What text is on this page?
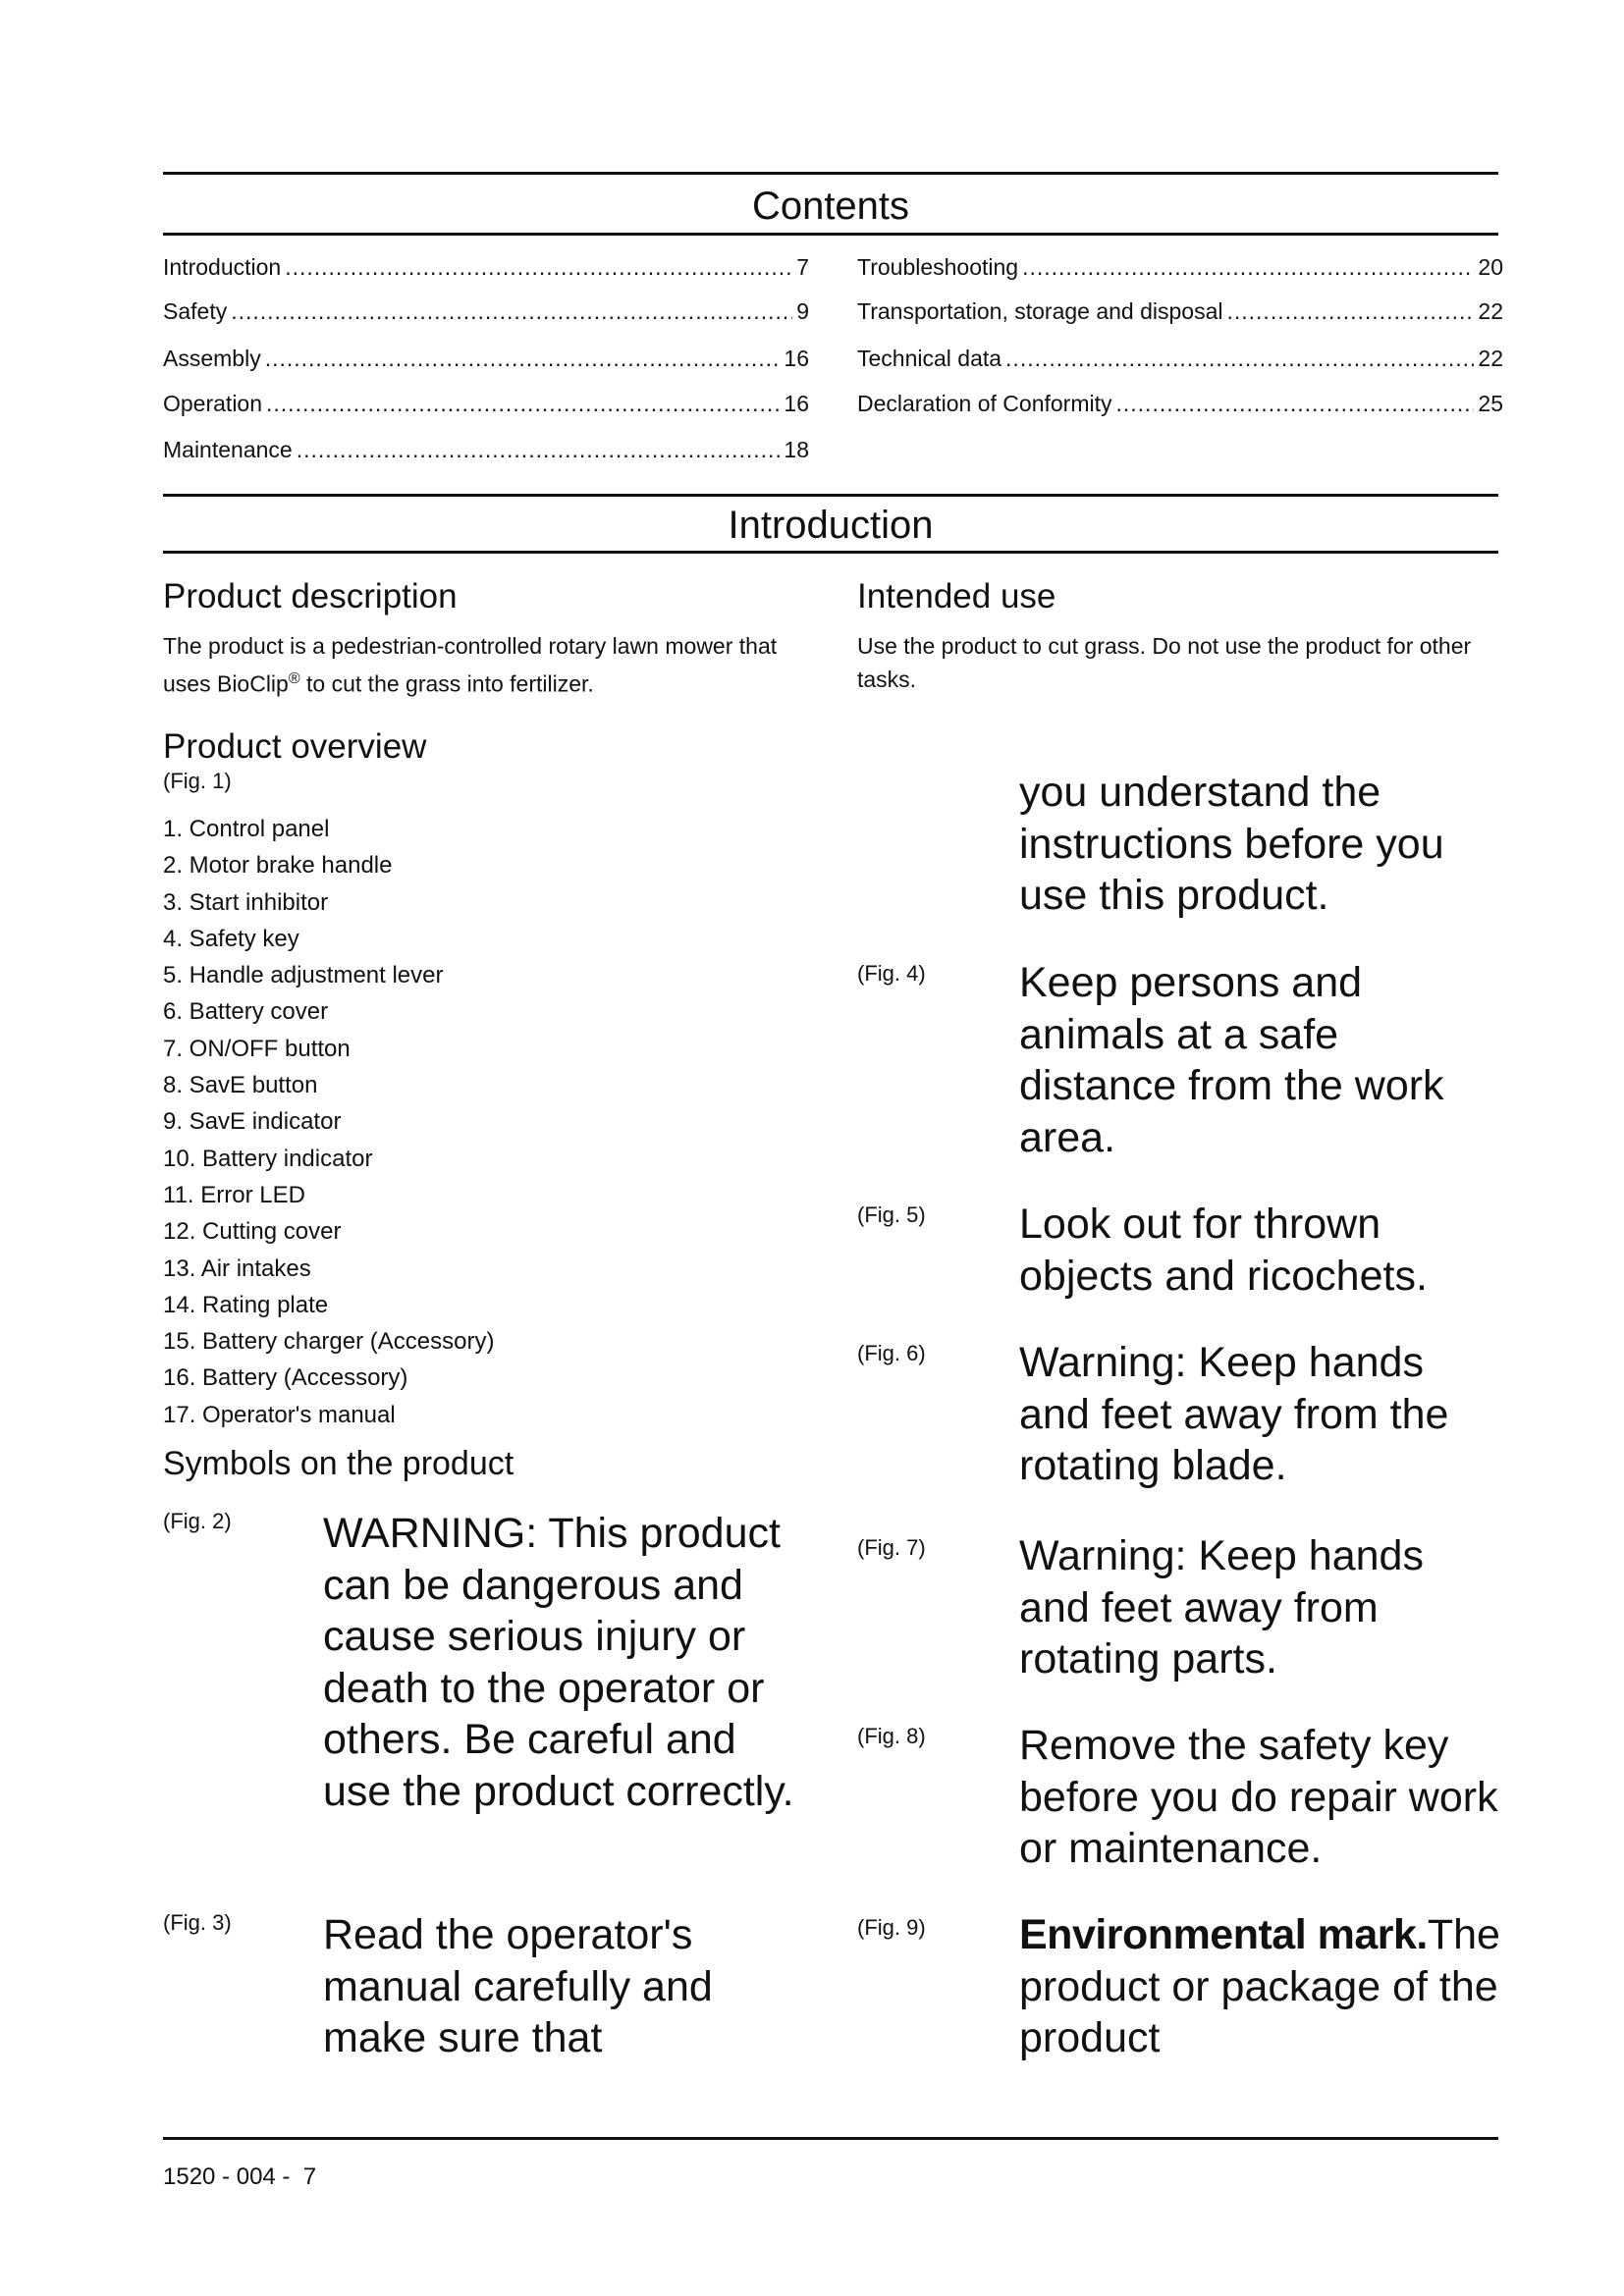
Contents
Introduction .....	7
Safety .....	9
Assembly .....	16
Operation .....	16
Maintenance .....	18
Troubleshooting .....	20
Transportation, storage and disposal .....	22
Technical data .....	22
Declaration of Conformity .....	25
Introduction
Product description
The product is a pedestrian-controlled rotary lawn mower that uses BioClip® to cut the grass into fertilizer.
Intended use
Use the product to cut grass. Do not use the product for other tasks.
Product overview
(Fig. 1)
1. Control panel
2. Motor brake handle
3. Start inhibitor
4. Safety key
5. Handle adjustment lever
6. Battery cover
7. ON/OFF button
8. SavE button
9. SavE indicator
10. Battery indicator
11. Error LED
12. Cutting cover
13. Air intakes
14. Rating plate
15. Battery charger (Accessory)
16. Battery (Accessory)
17. Operator's manual
Symbols on the product
(Fig. 2) WARNING: This product can be dangerous and cause serious injury or death to the operator or others. Be careful and use the product correctly.
(Fig. 3) Read the operator's manual carefully and make sure that
you understand the instructions before you use this product.
(Fig. 4) Keep persons and animals at a safe distance from the work area.
(Fig. 5) Look out for thrown objects and ricochets.
(Fig. 6) Warning: Keep hands and feet away from the rotating blade.
(Fig. 7) Warning: Keep hands and feet away from rotating parts.
(Fig. 8) Remove the safety key before you do repair work or maintenance.
(Fig. 9) Environmental mark.The product or package of the product
1520 - 004 -  7
